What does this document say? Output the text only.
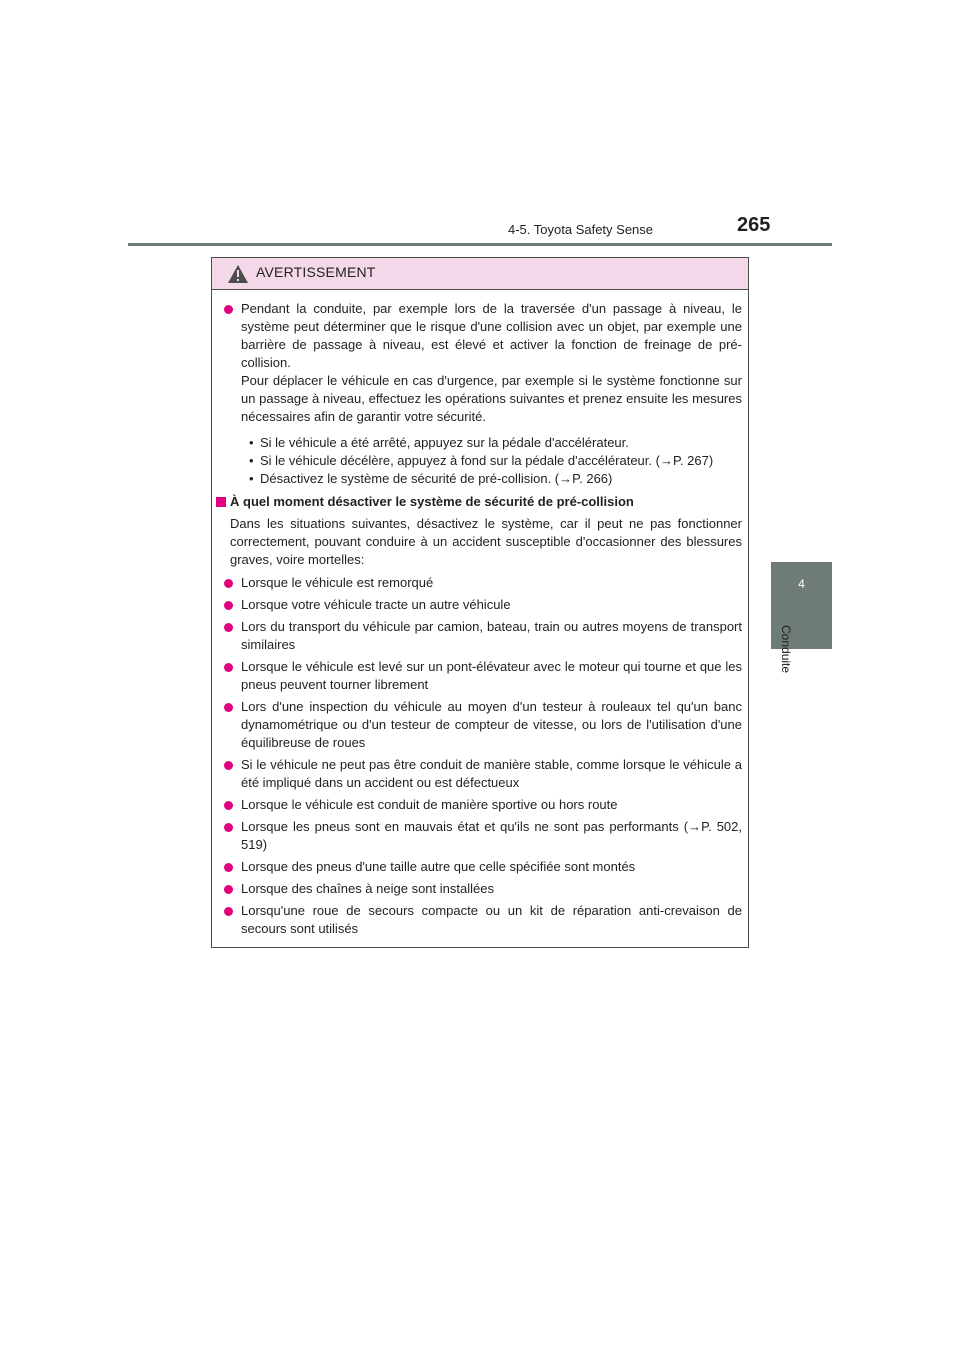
4-5. Toyota Safety Sense	265
4
Conduite
AVERTISSEMENT

Pendant la conduite, par exemple lors de la traversée d'un passage à niveau, le système peut déterminer que le risque d'une collision avec un objet, par exemple une barrière de passage à niveau, est élevé et activer la fonction de freinage de pré-collision.

Pour déplacer le véhicule en cas d'urgence, par exemple si le système fonctionne sur un passage à niveau, effectuez les opérations suivantes et prenez ensuite les mesures nécessaires afin de garantir votre sécurité.

• Si le véhicule a été arrêté, appuyez sur la pédale d'accélérateur.
• Si le véhicule décélère, appuyez à fond sur la pédale d'accélérateur. (→P. 267)
• Désactivez le système de sécurité de pré-collision. (→P. 266)
À quel moment désactiver le système de sécurité de pré-collision
Dans les situations suivantes, désactivez le système, car il peut ne pas fonctionner correctement, pouvant conduire à un accident susceptible d'occasionner des blessures graves, voire mortelles:
Lorsque le véhicule est remorqué
Lorsque votre véhicule tracte un autre véhicule
Lors du transport du véhicule par camion, bateau, train ou autres moyens de transport similaires
Lorsque le véhicule est levé sur un pont-élévateur avec le moteur qui tourne et que les pneus peuvent tourner librement
Lors d'une inspection du véhicule au moyen d'un testeur à rouleaux tel qu'un banc dynamométrique ou d'un testeur de compteur de vitesse, ou lors de l'utilisation d'une équilibreuse de roues
Si le véhicule ne peut pas être conduit de manière stable, comme lorsque le véhicule a été impliqué dans un accident ou est défectueux
Lorsque le véhicule est conduit de manière sportive ou hors route
Lorsque les pneus sont en mauvais état et qu'ils ne sont pas performants (→P. 502, 519)
Lorsque des pneus d'une taille autre que celle spécifiée sont montés
Lorsque des chaînes à neige sont installées
Lorsqu'une roue de secours compacte ou un kit de réparation anti-crevaison de secours sont utilisés
